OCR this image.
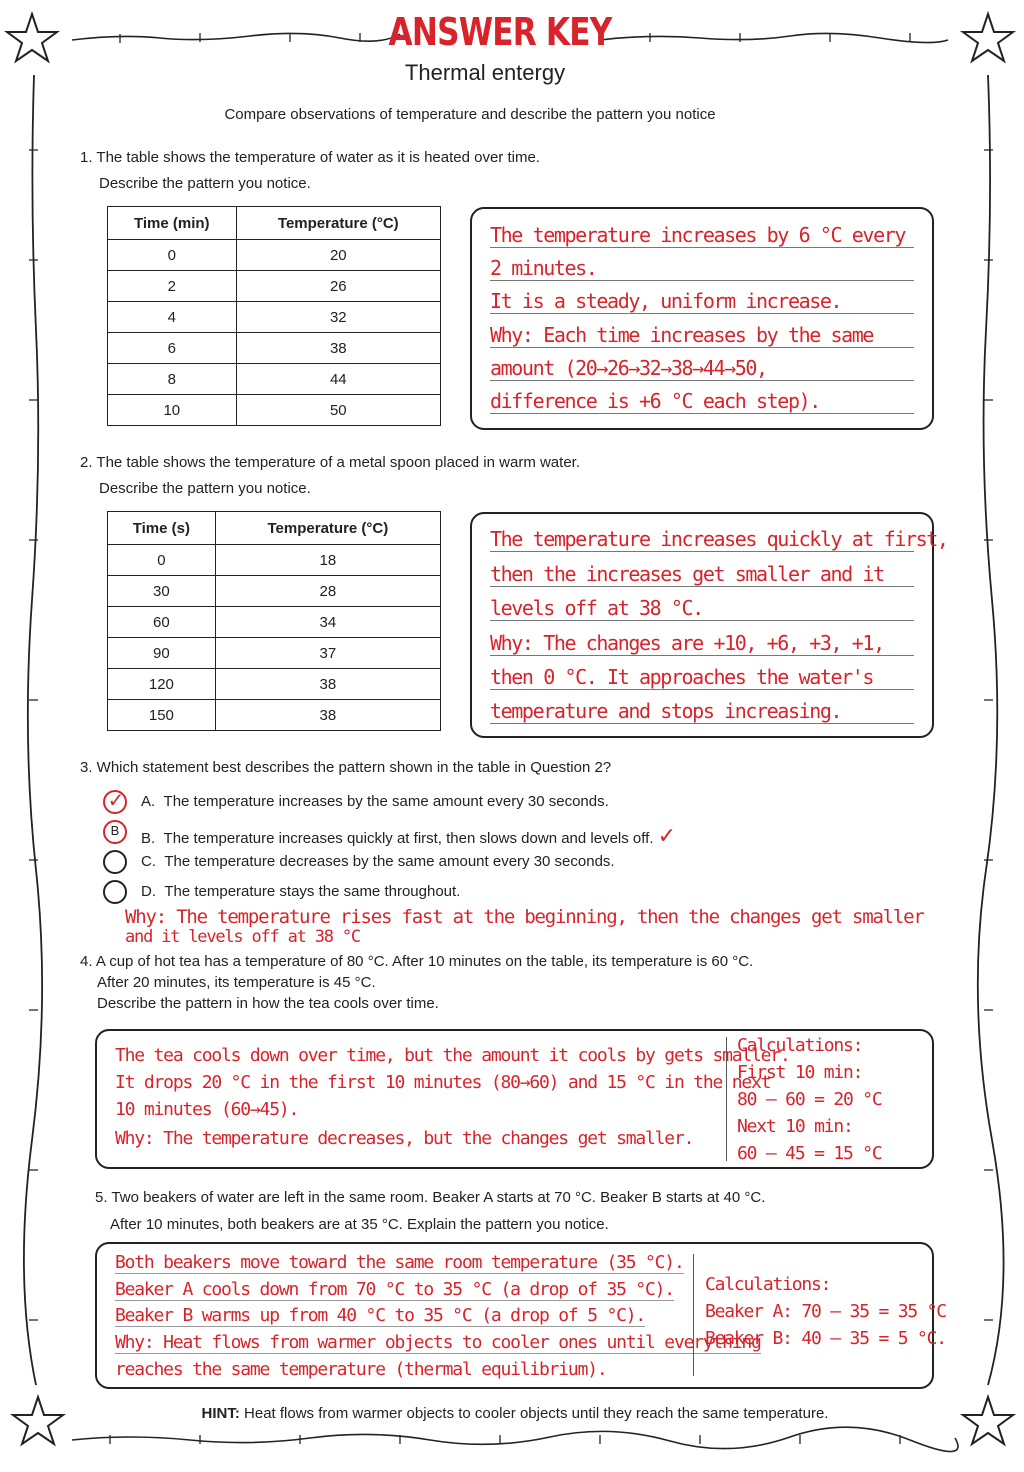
ANSWER KEY
Thermal entergy
Compare observations of temperature and describe the pattern you notice
1. The table shows the temperature of water as it is heated over time.
Describe the pattern you notice.
Time (min)	Temperature (°C)
0	20
2	26
4	32
6	38
8	44
10	50
The temperature increases by 6 °C every
2 minutes.
It is a steady, uniform increase.
Why: Each time increases by the same
amount (20→26→32→38→44→50,
difference is +6 °C each step).
2. The table shows the temperature of a metal spoon placed in warm water.
Describe the pattern you notice.
Time (s)	Temperature (°C)
0	18
30	28
60	34
90	37
120	38
150	38
The temperature increases quickly at first,
then the increases get smaller and it
levels off at 38 °C.
Why: The changes are +10, +6, +3, +1,
then 0 °C. It approaches the water's
temperature and stops increasing.
3. Which statement best describes the pattern shown in the table in Question 2?
✓ A. The temperature increases by the same amount every 30 seconds.
B	B. The temperature increases quickly at first, then slows down and levels off. ✓
C. The temperature decreases by the same amount every 30 seconds.
D. The temperature stays the same throughout.
Why: The temperature rises fast at the beginning, then the changes get smaller
and it levels off at 38 °C
4. A cup of hot tea has a temperature of 80 °C. After 10 minutes on the table, its temperature is 60 °C.
After 20 minutes, its temperature is 45 °C.
Describe the pattern in how the tea cools over time.
The tea cools down over time, but the amount it cools by gets smaller.
It drops 20 °C in the first 10 minutes (80→60) and 15 °C in the next
10 minutes (60→45).
Why: The temperature decreases, but the changes get smaller.
Calculations:
First 10 min:
80 – 60 = 20 °C
Next 10 min:
60 – 45 = 15 °C
5. Two beakers of water are left in the same room. Beaker A starts at 70 °C. Beaker B starts at 40 °C.
After 10 minutes, both beakers are at 35 °C. Explain the pattern you notice.
Both beakers move toward the same room temperature (35 °C).
Beaker A cools down from 70 °C to 35 °C (a drop of 35 °C).
Beaker B warms up from 40 °C to 35 °C (a drop of 5 °C).
Why: Heat flows from warmer objects to cooler ones until everything
reaches the same temperature (thermal equilibrium).
Calculations:
Beaker A: 70 – 35 = 35 °C
Beaker B: 40 – 35 = 5 °C.
HINT: Heat flows from warmer objects to cooler objects until they reach the same temperature.
